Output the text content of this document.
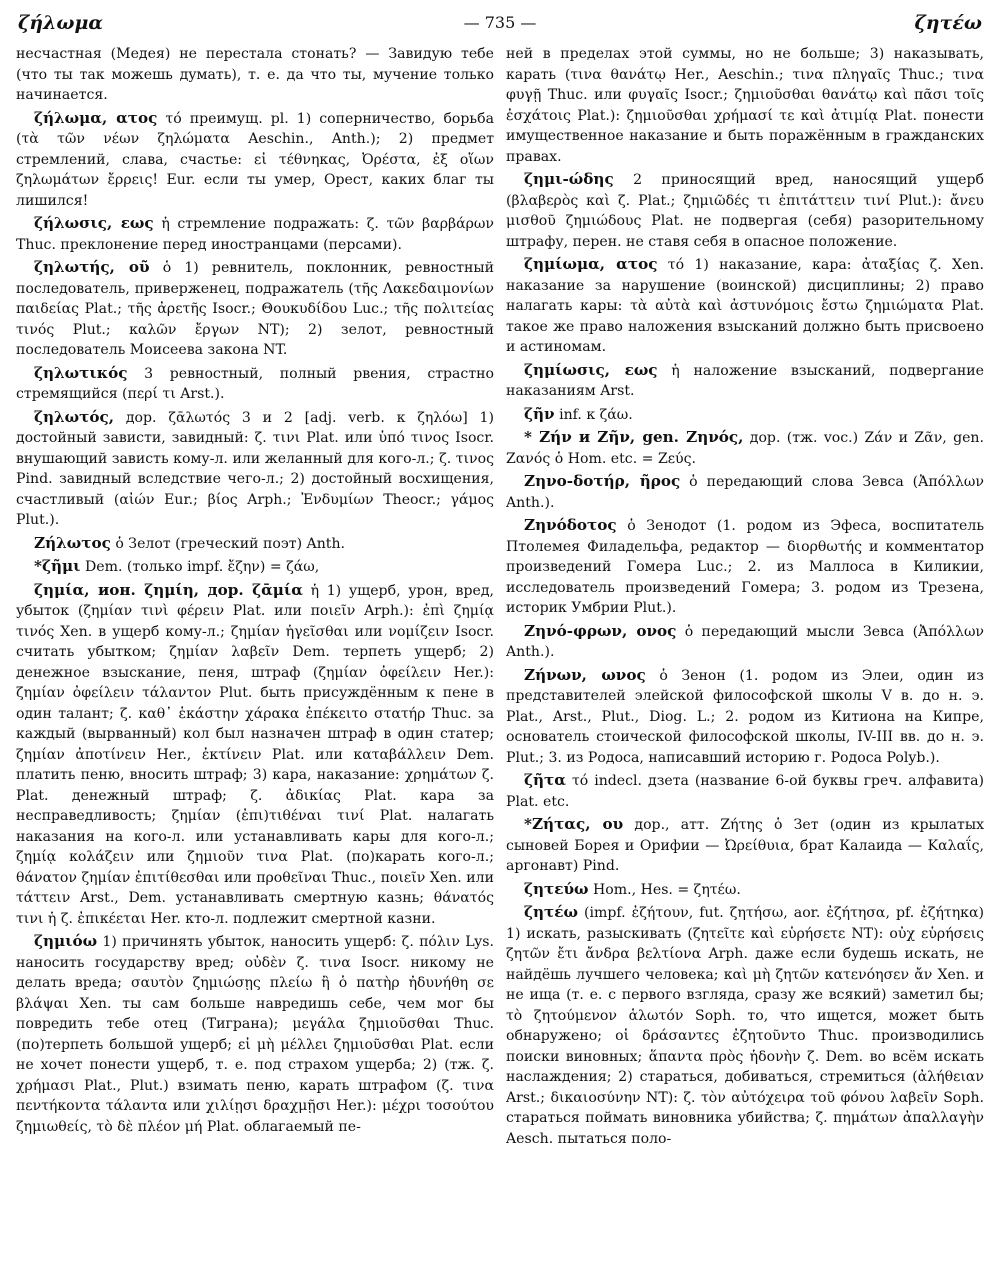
ζήλωμα	— 735 —	ζητέω

несчастная (Медея) не перестала стонать? — Завидую тебе (что ты так можешь думать), т. е. да что ты, мучение только начинается.

ζήλωμα, ατος τό преимущ. pl. 1) соперничество, борьба (τὰ τῶν νέων ζηλώματα Aeschin., Anth.); 2) предмет стремлений, слава, счастье: εἰ τέθνηκας, Ὀρέστα, ἐξ οἵων ζηλωμάτων ἔρρεις! Eur. если ты умер, Орест, каких благ ты лишился!

ζήλωσις, εως ἡ стремление подражать: ζ. τῶν βαρβάρων Thuc. преклонение перед иностранцами (персами).

ζηλωτής, οῦ ὁ 1) ревнитель, поклонник, ревностный последователь, приверженец, подражатель (τῆς Λακεδαιμονίων παιδείας Plat.; τῆς ἀρετῆς Isocr.; Θουκυδίδου Luc.; τῆς πολιτείας τινός Plut.; καλῶν ἔργων NT); 2) зелот, ревностный последователь Моисеева закона NT.

ζηλωτικός 3 ревностный, полный рвения, страстно стремящийся (περί τι Arst.).

ζηλωτός, дор. ζᾱλωτός 3 и 2 [adj. verb. к ζηλόω] 1) достойный зависти, завидный: ζ. τινι Plat. или ὑπό τινος Isocr. внушающий зависть кому-л. или желанный для кого-л.; ζ. τινος Pind. завидный вследствие чего-л.; 2) достойный восхищения, счастливый (αἰών Eur.; βίος Arph.; Ἐνδυμίων Theocr.; γάμος Plut.).

Ζήλωτος ὁ Зелот (греческий поэт) Anth.

*ζῆμι Dem. (только impf. ἔζην) = ζάω,

ζημία, ион. ζημίη, дор. ζᾱμία ἡ 1) ущерб, урон, вред, убыток (ζημίαν τινὶ φέρειν Plat. или ποιεῖν Arph.): ἐπὶ ζημίᾳ τινός Xen. в ущерб кому-л.; ζημίαν ἡγεῖσθαι или νομίζειν Isocr. считать убытком; ζημίαν λαβεῖν Dem. терпеть ущерб; 2) денежное взыскание, пеня, штраф (ζημίαν ὀφείλειν Her.): ζημίαν ὀφείλειν τάλαντον Plut. быть присуждённым к пене в один талант; ζ. καθ᾽ ἑκάστην χάρακα ἐπέκειτο στατήρ Thuc. за каждый (вырванный) кол был назначен штраф в один статер; ζημίαν ἀποτίνειν Her., ἐκτίνειν Plat. или καταβάλλειν Dem. платить пеню, вносить штраф; 3) кара, наказание: χρημάτων ζ. Plat. денежный штраф; ζ. ἀδικίας Plat. кара за несправедливость; ζημίαν (ἐπι)τιθέναι τινί Plat. налагать наказания на кого-л. или устанавливать кары для кого-л.; ζημίᾳ κολάζειν или ζημιοῦν τινα Plat. (по)карать кого-л.; θάνατον ζημίαν ἐπιτίθεσθαι или προθεῖναι Thuc., ποιεῖν Xen. или τάττειν Arst., Dem. устанавливать смертную казнь; θάνατός τινι ἡ ζ. ἐπικέεται Her. кто-л. подлежит смертной казни.

ζημιόω 1) причинять убыток, наносить ущерб: ζ. πόλιν Lys. наносить государству вред; οὐδὲν ζ. τινα Isocr. никому не делать вреда; σαυτὸν ζημιώσῃς πλείω ἢ ὁ πατὴρ ἠδυνήθη σε βλάψαι Xen. ты сам больше навредишь себе, чем мог бы повредить тебе отец (Тиграна); μεγάλα ζημιοῦσθαι Thuc. (по)терпеть большой ущерб; εἰ μὴ μέλλει ζημιοῦσθαι Plat. если не хочет понести ущерб, т. е. под страхом ущерба; 2) (тж. ζ. χρήμασι Plat., Plut.) взимать пеню, карать штрафом (ζ. τινα πεντήκοντα τάλαντα или χιλίῃσι δραχμῇσι Her.): μέχρι τοσούτου ζημιωθείς, τὸ δὲ πλέον μή Plat. облагаемый пе-

ней в пределах этой суммы, но не больше; 3) наказывать, карать (τινα θανάτῳ Her., Aeschin.; τινα πληγαῖς Thuc.; τινα φυγῇ Thuc. или φυγαῖς Isocr.; ζημιοῦσθαι θανάτῳ καὶ πᾶσι τοῖς ἐσχάτοις Plat.): ζημιοῦσθαι χρήμασί τε καὶ ἀτιμίᾳ Plat. понести имущественное наказание и быть поражённым в гражданских правах.

ζημι-ώδης 2 приносящий вред, наносящий ущерб (βλαβερὸς καὶ ζ. Plat.; ζημιῶδές τι ἐπιτάττειν τινί Plut.): ἄνευ μισθοῦ ζημιώδους Plat. не подвергая (себя) разорительному штрафу, перен. не ставя себя в опасное положение.

ζημίωμα, ατος τό 1) наказание, кара: ἀταξίας ζ. Xen. наказание за нарушение (воинской) дисциплины; 2) право налагать кары: τὰ αὐτὰ καὶ ἀστυνόμοις ἔστω ζημιώματα Plat. такое же право наложения взысканий должно быть присвоено и астиномам.

ζημίωσις, εως ἡ наложение взысканий, подвергание наказаниям Arst.

ζῆν inf. к ζάω.

* Ζήν и Ζῆν, gen. Ζηνός, дор. (тж. voc.) Ζάν и Ζᾶν, gen. Ζανός ὁ Hom. etc. = Ζεύς.

Ζηνο-δοτήρ, ῆρος ὁ передающий слова Зевса (Ἀπόλλων Anth.).

Ζηνόδοτος ὁ Зенодот (1. родом из Эфеса, воспитатель Птолемея Филадельфа, редактор — διορθωτής и комментатор произведений Гомера Luc.; 2. из Маллоса в Киликии, исследователь произведений Гомера; 3. родом из Трезена, историк Умбрии Plut.).

Ζηνό-φρων, ονος ὁ передающий мысли Зевса (Ἀπόλλων Anth.).

Ζήνων, ωνος ὁ Зенон (1. родом из Элеи, один из представителей элейской философской школы V в. до н. э. Plat., Arst., Plut., Diog. L.; 2. родом из Китиона на Кипре, основатель стоической философской школы, IV-III вв. до н. э. Plut.; 3. из Родоса, написавший историю г. Родоса Polyb.).

ζῆτα τό indecl. дзета (название 6-ой буквы греч. алфавита) Plat. etc.

*Ζήτας, ου дор., атт. Ζήτης ὁ Зет (один из крылатых сыновей Борея и Орифии — Ὠρείθυια, брат Калаида — Καλαΐς, аргонавт) Pind.

ζητεύω Hom., Hes. = ζητέω.

ζητέω (impf. ἐζήτουν, fut. ζητήσω, aor. ἐζήτησα, pf. ἐζήτηκα) 1) искать, разыскивать (ζητεῖτε καὶ εὑρήσετε NT): οὐχ εὑρήσεις ζητῶν ἔτι ἄνδρα βελτίονα Arph. даже если будешь искать, не найдёшь лучшего человека; καὶ μὴ ζητῶν κατενόησεν ἄν Xen. и не ища (т. е. с первого взгляда, сразу же всякий) заметил бы; τὸ ζητούμενον ἁλωτόν Soph. то, что ищется, может быть обнаружено; οἱ δράσαντες ἐζητοῦντο Thuc. производились поиски виновных; ἅπαντα πρὸς ἡδονὴν ζ. Dem. во всём искать наслаждения; 2) стараться, добиваться, стремиться (ἀλήθειαν Arst.; δικαιοσύνην NT): ζ. τὸν αὐτόχειρα τοῦ φόνου λαβεῖν Soph. стараться поймать виновника убийства; ζ. πημάτων ἀπαλλαγὴν Aesch. пытаться поло-
